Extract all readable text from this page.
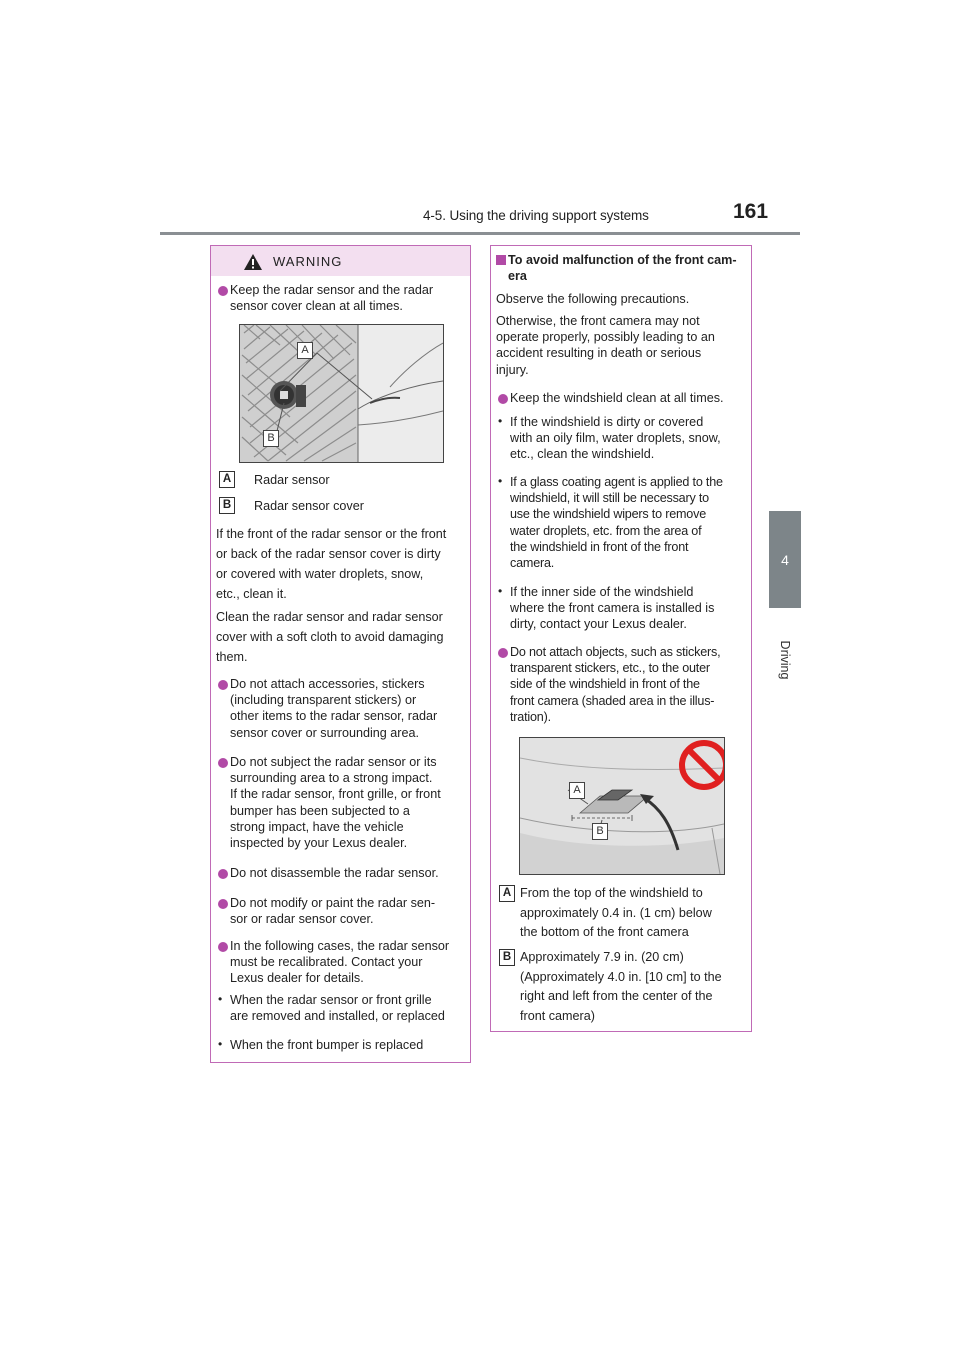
4-5. Using the driving support systems	161
4
Driving
WARNING
Keep the radar sensor and the radar
sensor cover clean at all times.
A
B
A	Radar sensor
B	Radar sensor cover
If the front of the radar sensor or the front
or back of the radar sensor cover is dirty
or covered with water droplets, snow,
etc., clean it.
Clean the radar sensor and radar sensor
cover with a soft cloth to avoid damaging
them.
Do not attach accessories, stickers
(including transparent stickers) or
other items to the radar sensor, radar
sensor cover or surrounding area.
Do not subject the radar sensor or its
surrounding area to a strong impact.
If the radar sensor, front grille, or front
bumper has been subjected to a
strong impact, have the vehicle
inspected by your Lexus dealer.
Do not disassemble the radar sensor.
Do not modify or paint the radar sen-
sor or radar sensor cover.
In the following cases, the radar sensor
must be recalibrated. Contact your
Lexus dealer for details.
• When the radar sensor or front grille
are removed and installed, or replaced
• When the front bumper is replaced
To avoid malfunction of the front cam-
era
Observe the following precautions.
Otherwise, the front camera may not
operate properly, possibly leading to an
accident resulting in death or serious
injury.
Keep the windshield clean at all times.
• If the windshield is dirty or covered
with an oily film, water droplets, snow,
etc., clean the windshield.
• If a glass coating agent is applied to the
windshield, it will still be necessary to
use the windshield wipers to remove
water droplets, etc. from the area of
the windshield in front of the front
camera.
• If the inner side of the windshield
where the front camera is installed is
dirty, contact your Lexus dealer.
Do not attach objects, such as stickers,
transparent stickers, etc., to the outer
side of the windshield in front of the
front camera (shaded area in the illus-
tration).
A
B
A From the top of the windshield to
approximately 0.4 in. (1 cm) below
the bottom of the front camera
B Approximately 7.9 in. (20 cm)
(Approximately 4.0 in. [10 cm] to the
right and left from the center of the
front camera)
